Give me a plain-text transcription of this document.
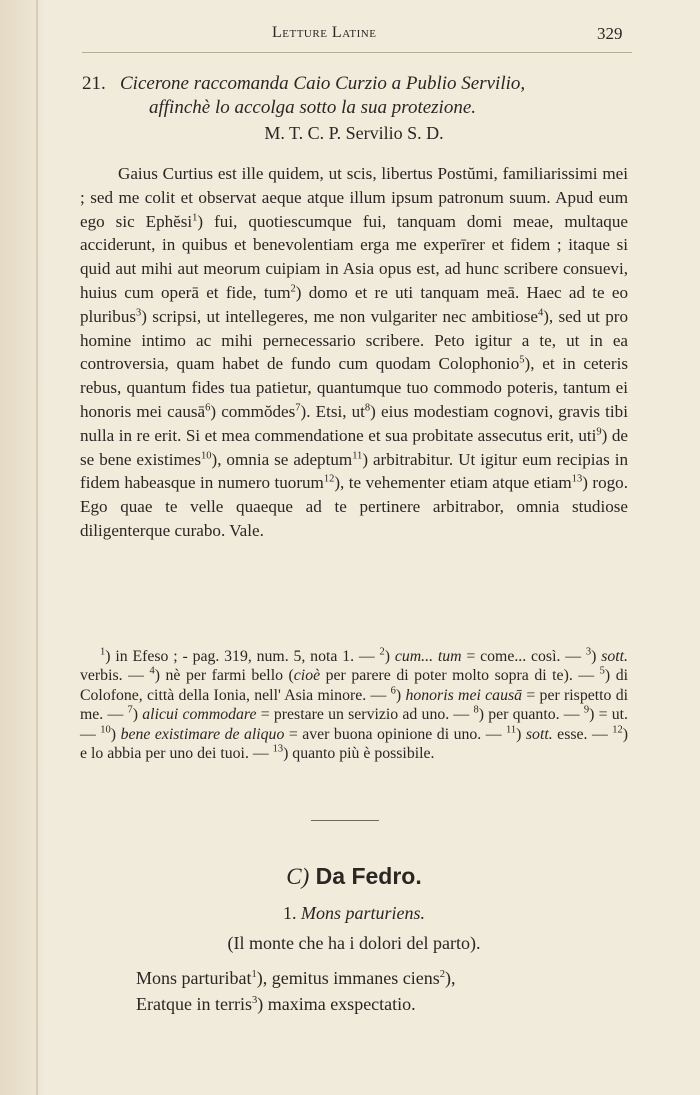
Letture Latine	329
21. Cicerone raccomanda Caio Curzio a Publio Servilio,
affinchè lo accolga sotto la sua protezione.
M. T. C. P. Servilio S. D.

Gaius Curtius est ille quidem, ut scis, libertus Postŭmi, familiarissimi mei ; sed me colit et observat aeque atque illum ipsum patronum suum. Apud eum ego sic Ephĕsi$^1$) fui, quotiescumque fui, tanquam domi meae, multaque acciderunt, in quibus et benevolentiam erga me experīrer et fidem ; itaque si quid aut mihi aut meorum cuipiam in Asia opus est, ad hunc scribere consuevi, huius cum operā et fide, tum$^2$) domo et re uti tanquam meā. Haec ad te eo pluribus$^3$) scripsi, ut intellegeres, me non vulgariter nec ambitiose$^4$), sed ut pro homine intimo ac mihi pernecessario scribere. Peto igitur a te, ut in ea controversia, quam habet de fundo cum quodam Colophonio$^5$), et in ceteris rebus, quantum fides tua patietur, quantumque tuo commodo poteris, tantum ei honoris mei causā$^6$) commŏdes$^7$). Etsi, $ut^8$) eius modestiam cognovi, gravis tibi nulla in re erit. Si et mea commendatione et sua probitate assecutus erit, uti$^9$) de se bene existimes$^{10}$), omnia se adeptum$^{11}$) arbitrabitur. Ut igitur eum recipias in fidem habeasque in numero tuorum$^{12}$), te vehementer etiam atque etiam$^{13}$) rogo. Ego quae te velle quaeque ad te pertinere arbitrabor, omnia studiose diligenterque curabo. Vale.

$^1$) in Efeso ; - pag. 319, num. 5, nota 1. — $^2$) cum... tum = come... così. — $^3$) sott. verbis. — $^4$) nè per farmi bello (cioè per parere di poter molto sopra di te). — $^5$) di Colofone, città della Ionia, nell' Asia minore. — $^6$) honoris mei causā = per rispetto di me. — $^7$) alicui commodare = prestare un servizio ad uno. — $^8$) per quanto. — $^9$) = ut. — $^{10}$) bene existimare de aliquo = aver buona opinione di uno. — $^{11}$) sott. esse. — $^{12}$) e lo abbia per uno dei tuoi. — $^{13}$) quanto più è possibile.

C) Da Fedro.
1. Mons parturiens.
(Il monte che ha i dolori del parto).
Mons parturibat$^1$), gemitus immanes ciens$^2$),
Eratque in terris$^3$) maxima exspectatio.
